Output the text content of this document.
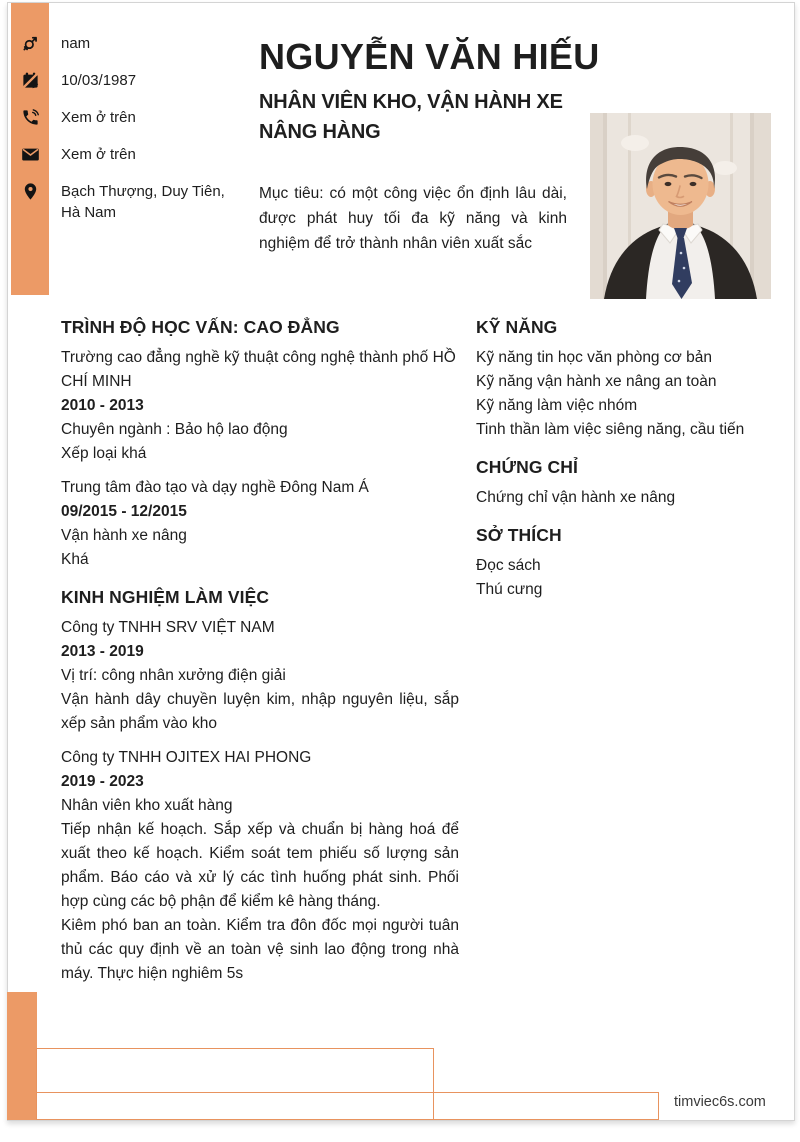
nam
10/03/1987
Xem ở trên
Xem ở trên
Bạch Thượng, Duy Tiên, Hà Nam
NGUYỄN VĂN HIẾU
NHÂN VIÊN KHO, VẬN HÀNH XE NÂNG HÀNG

Mục tiêu: có một công việc ổn định lâu dài, được phát huy tối đa kỹ năng và kinh nghiệm để trở thành nhân viên xuất sắc

TRÌNH ĐỘ HỌC VẤN: CAO ĐẲNG
Trường cao đẳng nghề kỹ thuật công nghệ thành phố HỒ CHÍ MINH
2010 - 2013
Chuyên ngành : Bảo hộ lao động
Xếp loại khá
Trung tâm đào tạo và dạy nghề Đông Nam Á
09/2015 - 12/2015
Vận hành xe nâng
Khá
KINH NGHIỆM LÀM VIỆC
Công ty TNHH SRV VIỆT NAM
2013 - 2019
Vị trí: công nhân xưởng điện giải
Vận hành dây chuyền luyện kim, nhập nguyên liệu, sắp xếp sản phẩm vào kho
Công ty TNHH OJITEX HAI PHONG
2019 - 2023
Nhân viên kho xuất hàng
Tiếp nhận kế hoạch. Sắp xếp và chuẩn bị hàng hoá để xuất theo kế hoạch. Kiểm soát tem phiếu số lượng sản phẩm. Báo cáo và xử lý các tình huống phát sinh. Phối hợp cùng các bộ phận để kiểm kê hàng tháng.
Kiêm phó ban an toàn. Kiểm tra đôn đốc mọi người tuân thủ các quy định về an toàn vệ sinh lao động trong nhà máy. Thực hiện nghiêm 5s
KỸ NĂNG
Kỹ năng tin học văn phòng cơ bản
Kỹ năng vận hành xe nâng an toàn
Kỹ năng làm việc nhóm
Tinh thần làm việc siêng năng, cầu tiến
CHỨNG CHỈ
Chứng chỉ vận hành xe nâng
SỞ THÍCH
Đọc sách
Thú cưng
timviec6s.com
